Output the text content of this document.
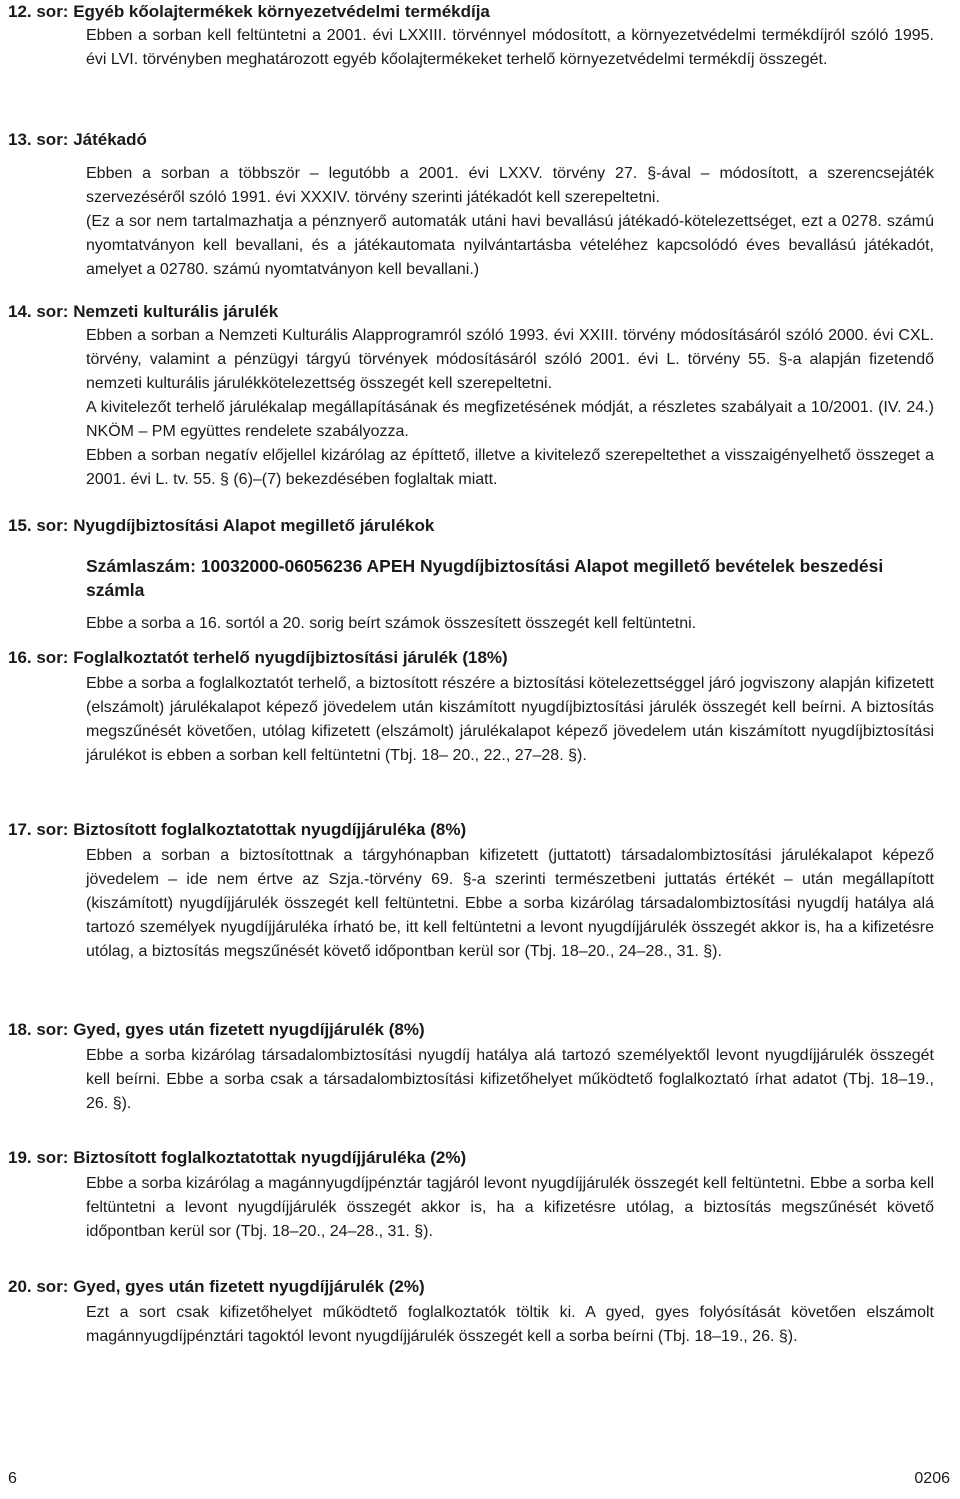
12. sor: Egyéb kőolajtermékek környezetvédelmi termékdíja

Ebben a sorban kell feltüntetni a 2001. évi LXXIII. törvénnyel módosított, a környezetvédelmi termékdíjról szóló 1995. évi LVI. törvényben meghatározott egyéb kőolajtermékeket terhelő környezetvédelmi termékdíj összegét.

13. sor: Játékadó

Ebben a sorban a többször – legutóbb a 2001. évi LXXV. törvény 27. §-ával – módosított, a szerencsejáték szervezéséről szóló 1991. évi XXXIV. törvény szerinti játékadót kell szerepeltetni.

(Ez a sor nem tartalmazhatja a pénznyerő automaták utáni havi bevallású játékadó-kötelezettséget, ezt a 0278. számú nyomtatványon kell bevallani, és a játékautomata nyilvántartásba vételéhez kapcsolódó éves bevallású játékadót, amelyet a 02780. számú nyomtatványon kell bevallani.)

14. sor: Nemzeti kulturális járulék

Ebben a sorban a Nemzeti Kulturális Alapprogramról szóló 1993. évi XXIII. törvény módosításáról szóló 2000. évi CXL. törvény, valamint a pénzügyi tárgyú törvények módosításáról szóló 2001. évi L. törvény 55. §-a alapján fizetendő nemzeti kulturális járulékkötelezettség összegét kell szerepeltetni.

A kivitelezőt terhelő járulékalap megállapításának és megfizetésének módját, a részletes szabályait a 10/2001. (IV. 24.) NKÖM – PM együttes rendelete szabályozza.

Ebben a sorban negatív előjellel kizárólag az építtető, illetve a kivitelező szerepeltethet a visszaigényelhető összeget a 2001. évi L. tv. 55. § (6)–(7) bekezdésében foglaltak miatt.

15. sor: Nyugdíjbiztosítási Alapot megillető járulékok
Számlaszám: 10032000-06056236 APEH Nyugdíjbiztosítási Alapot megillető bevételek beszedési számla

Ebbe a sorba a 16. sortól a 20. sorig beírt számok összesített összegét kell feltüntetni.

16. sor: Foglalkoztatót terhelő nyugdíjbiztosítási járulék (18%)

Ebbe a sorba a foglalkoztatót terhelő, a biztosított részére a biztosítási kötelezettséggel járó jogviszony alapján kifizetett (elszámolt) járulékalapot képező jövedelem után kiszámított nyugdíjbiztosítási járulék összegét kell beírni. A biztosítás megszűnését követően, utólag kifizetett (elszámolt) járulékalapot képező jövedelem után kiszámított nyugdíjbiztosítási járulékot is ebben a sorban kell feltüntetni (Tbj. 18– 20., 22., 27–28. §).

17. sor: Biztosított foglalkoztatottak nyugdíjjáruléka (8%)

Ebben a sorban a biztosítottnak a tárgyhónapban kifizetett (juttatott) társadalombiztosítási járulékalapot képező jövedelem – ide nem értve az Szja.-törvény 69. §-a szerinti természetbeni juttatás értékét – után megállapított (kiszámított) nyugdíjjárulék összegét kell feltüntetni. Ebbe a sorba kizárólag társadalombiztosítási nyugdíj hatálya alá tartozó személyek nyugdíjjáruléka írható be, itt kell feltüntetni a levont nyugdíjjárulék összegét akkor is, ha a kifizetésre utólag, a biztosítás megszűnését követő időpontban kerül sor (Tbj. 18–20., 24–28., 31. §).

18. sor: Gyed, gyes után fizetett nyugdíjjárulék (8%)

Ebbe a sorba kizárólag társadalombiztosítási nyugdíj hatálya alá tartozó személyektől levont nyugdíjjárulék összegét kell beírni. Ebbe a sorba csak a társadalombiztosítási kifizetőhelyet működtető foglalkoztató írhat adatot (Tbj. 18–19., 26. §).

19. sor: Biztosított foglalkoztatottak nyugdíjjáruléka (2%)

Ebbe a sorba kizárólag a magánnyugdíjpénztár tagjáról levont nyugdíjjárulék összegét kell feltüntetni. Ebbe a sorba kell feltüntetni a levont nyugdíjjárulék összegét akkor is, ha a kifizetésre utólag, a biztosítás megszűnését követő időpontban kerül sor (Tbj. 18–20., 24–28., 31. §).

20. sor: Gyed, gyes után fizetett nyugdíjjárulék (2%)

Ezt a sort csak kifizetőhelyet működtető foglalkoztatók töltik ki. A gyed, gyes folyósítását követően elszámolt magánnyugdíjpénztári tagoktól levont nyugdíjjárulék összegét kell a sorba beírni (Tbj. 18–19., 26. §).

6	0206
